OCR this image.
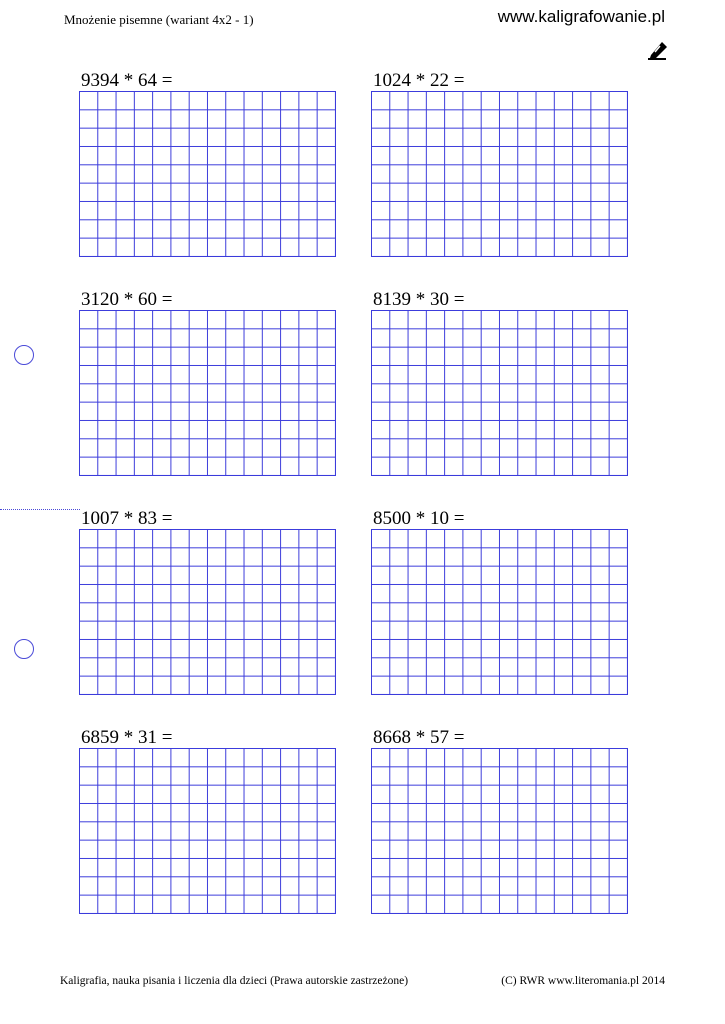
Mnożenie pisemne (wariant 4x2 - 1)	www.kaligrafowanie.pl
9394 * 64 =	1024 * 22 =
3120 * 60 =	8139 * 30 =
1007 * 83 =	8500 * 10 =
6859 * 31 =	8668 * 57 =
Kaligrafia, nauka pisania i liczenia dla dzieci (Prawa autorskie zastrzeżone)	(C) RWR www.literomania.pl 2014
